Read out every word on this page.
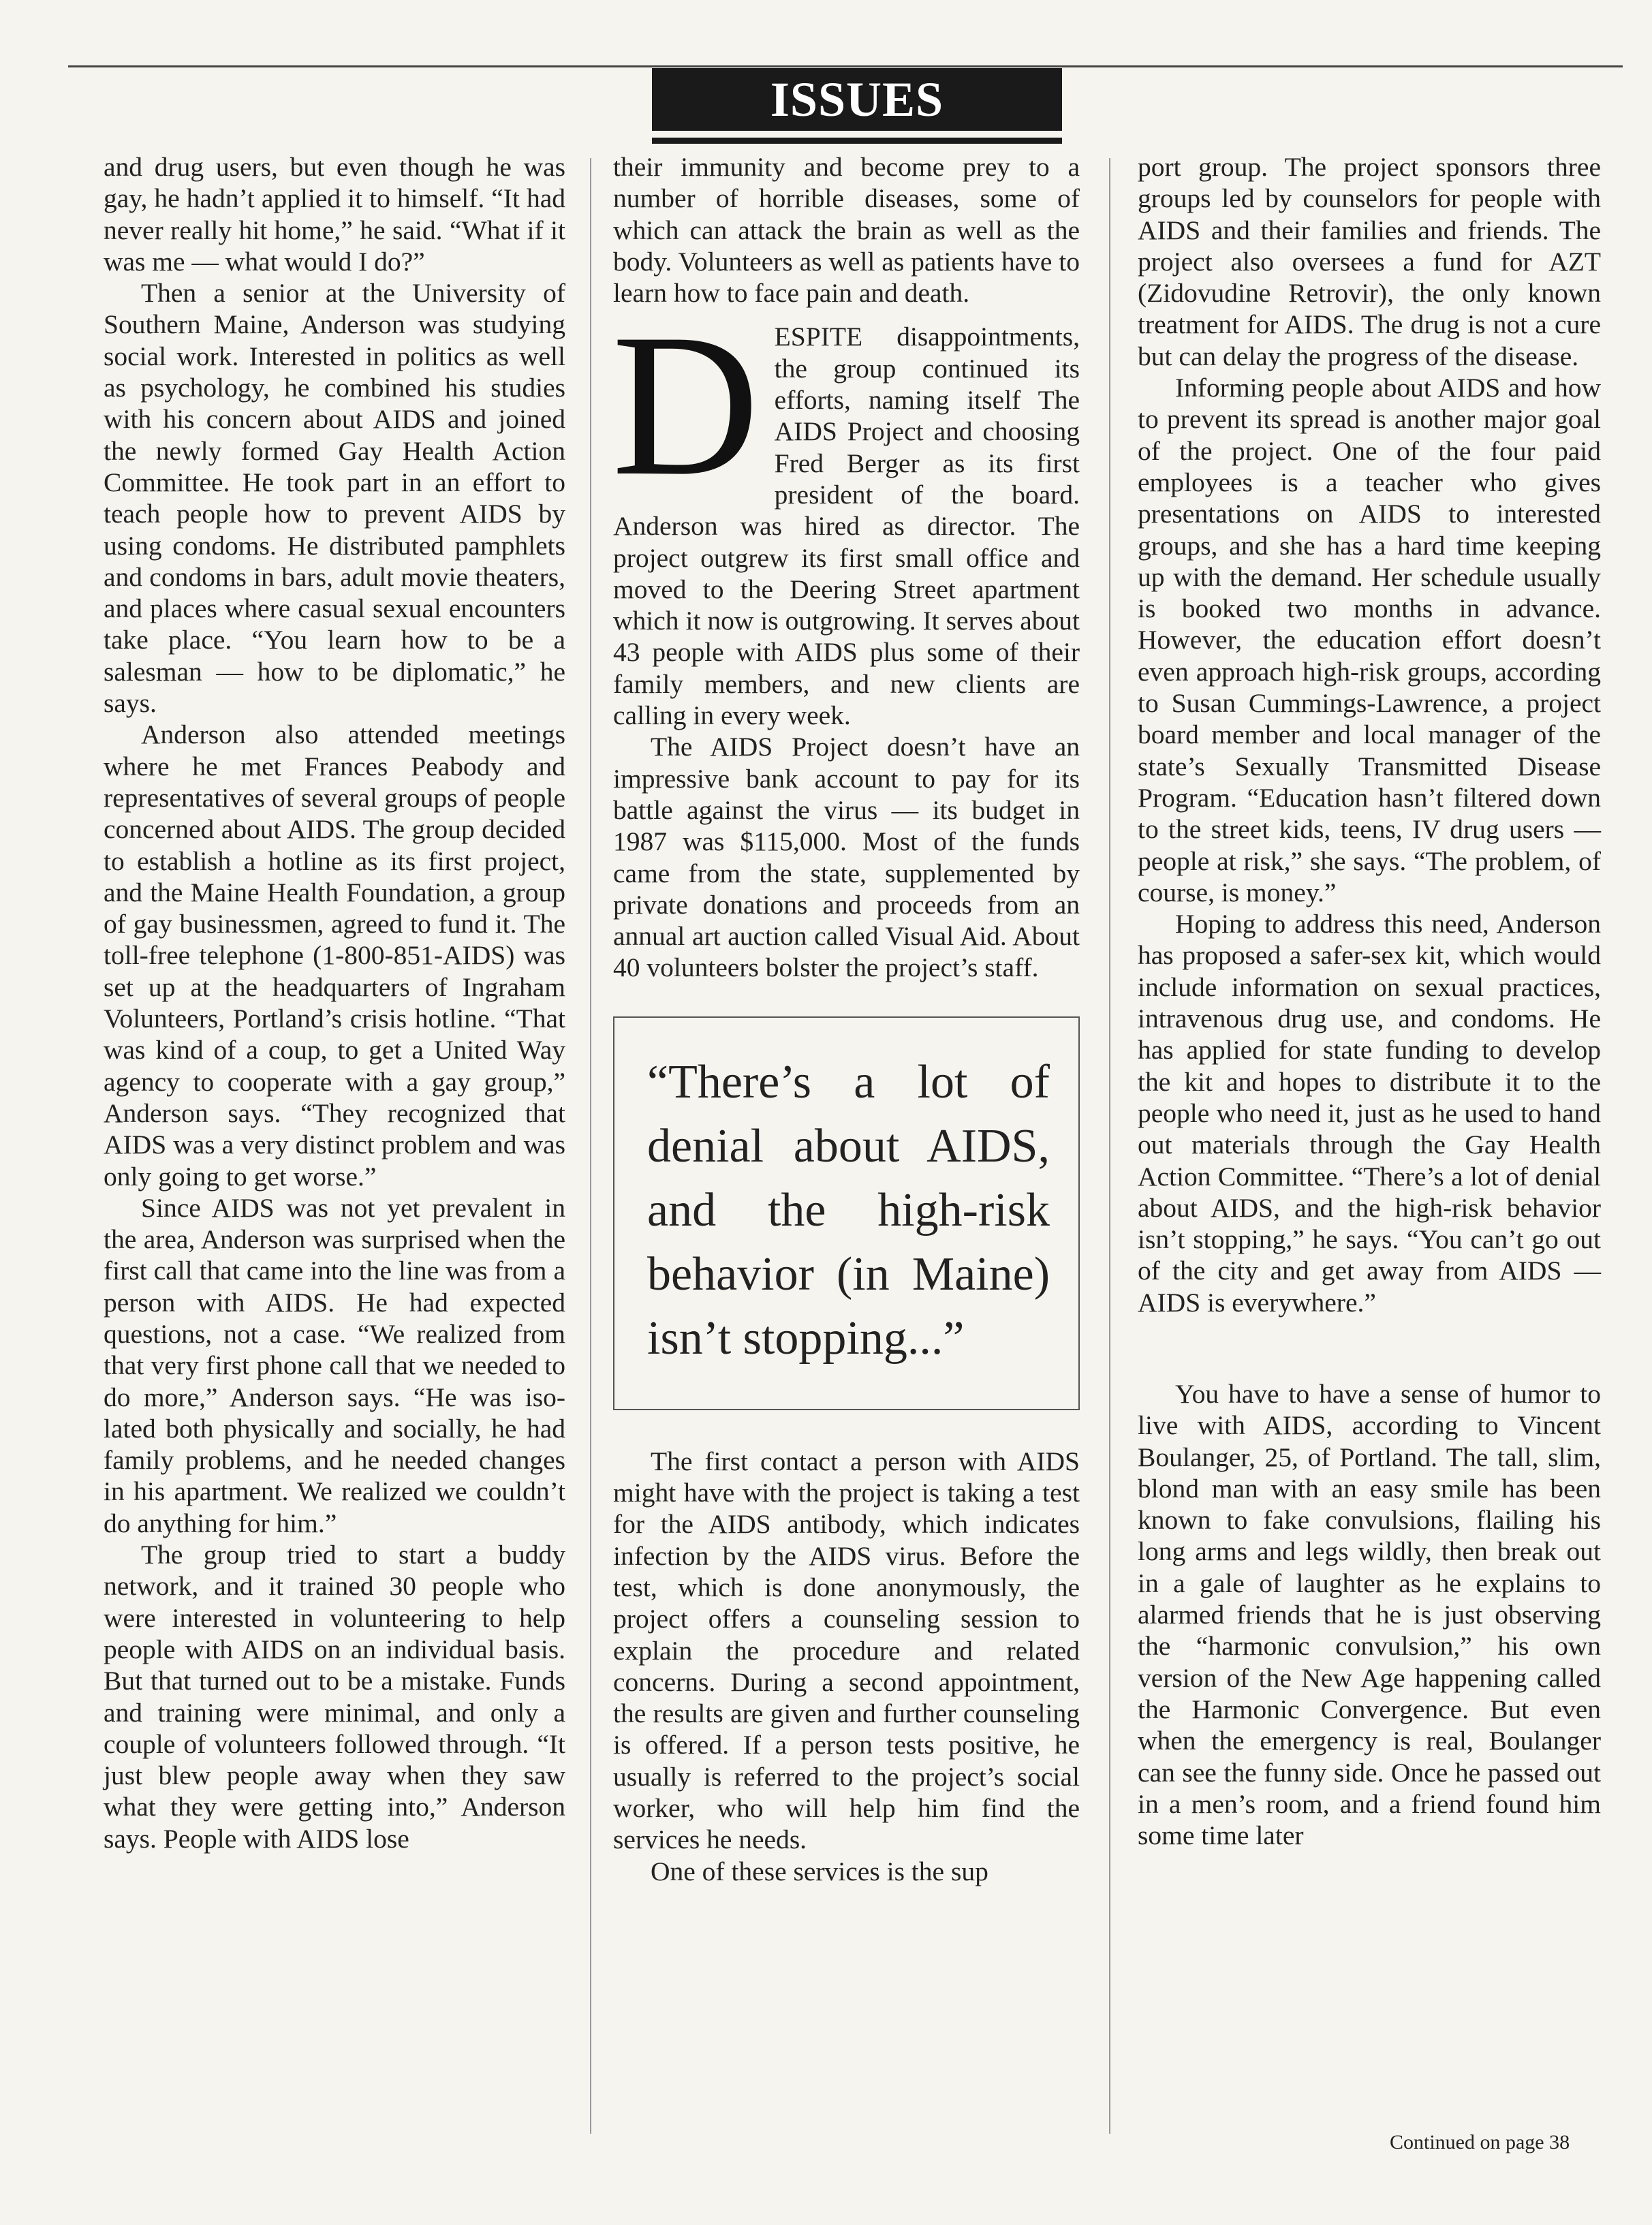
ISSUES

and drug users, but even though he was gay, he hadn’t applied it to himself. “It had never really hit home,” he said. “What if it was me — what would I do?”

Then a senior at the University of Southern Maine, Anderson was studying social work. Interested in politics as well as psychology, he combined his studies with his concern about AIDS and joined the newly formed Gay Health Action Committee. He took part in an effort to teach people how to prevent AIDS by using condoms. He distributed pamphlets and condoms in bars, adult movie theaters, and places where casual sexual encounters take place. “You learn how to be a salesman — how to be diplomatic,” he says.

Anderson also attended meetings where he met Frances Peabody and representatives of several groups of people concerned about AIDS. The group decided to establish a hotline as its first project, and the Maine Health Foundation, a group of gay businessmen, agreed to fund it. The toll-free telephone (1-800-851-AIDS) was set up at the headquarters of Ingraham Volunteers, Portland’s crisis hotline. “That was kind of a coup, to get a United Way agency to cooperate with a gay group,” Anderson says. “They recognized that AIDS was a very distinct problem and was only going to get worse.”

Since AIDS was not yet prevalent in the area, Anderson was surprised when the first call that came into the line was from a person with AIDS. He had expected questions, not a case. “We realized from that very first phone call that we needed to do more,” Anderson says. “He was isolated both physically and socially, he had family problems, and he needed changes in his apartment. We realized we couldn’t do anything for him.”

The group tried to start a buddy network, and it trained 30 people who were interested in volunteering to help people with AIDS on an individual basis. But that turned out to be a mistake. Funds and training were minimal, and only a couple of volunteers followed through. “It just blew people away when they saw what they were getting into,” Anderson says. People with AIDS lose

their immunity and become prey to a number of horrible diseases, some of which can attack the brain as well as the body. Volunteers as well as patients have to learn how to face pain and death.

DESPITE disappointments, the group continued its efforts, naming itself The AIDS Project and choosing Fred Berger as its first president of the board. Anderson was hired as director. The project outgrew its first small office and moved to the Deering Street apartment which it now is outgrowing. It serves about 43 people with AIDS plus some of their family members, and new clients are calling in every week.

The AIDS Project doesn’t have an impressive bank account to pay for its battle against the virus — its budget in 1987 was $115,000. Most of the funds came from the state, supplemented by private donations and proceeds from an annual art auction called Visual Aid. About 40 volunteers bolster the project’s staff.

“There’s a lot of denial about AIDS, and the high-risk behavior (in Maine) isn’t stopping...”

The first contact a person with AIDS might have with the project is taking a test for the AIDS antibody, which indicates infection by the AIDS virus. Before the test, which is done anonymously, the project offers a counseling session to explain the procedure and related concerns. During a second appointment, the results are given and further counseling is offered. If a person tests positive, he usually is referred to the project’s social worker, who will help him find the services he needs.

One of these services is the sup

port group. The project sponsors three groups led by counselors for people with AIDS and their families and friends. The project also oversees a fund for AZT (Zidovudine Retrovir), the only known treatment for AIDS. The drug is not a cure but can delay the progress of the disease.

Informing people about AIDS and how to prevent its spread is another major goal of the project. One of the four paid employees is a teacher who gives presentations on AIDS to interested groups, and she has a hard time keeping up with the demand. Her schedule usually is booked two months in advance. However, the education effort doesn’t even approach high-risk groups, according to Susan Cummings-Lawrence, a project board member and local manager of the state’s Sexually Transmitted Disease Program. “Education hasn’t filtered down to the street kids, teens, IV drug users — people at risk,” she says. “The problem, of course, is money.”

Hoping to address this need, Anderson has proposed a safer-sex kit, which would include information on sexual practices, intravenous drug use, and condoms. He has applied for state funding to develop the kit and hopes to distribute it to the people who need it, just as he used to hand out materials through the Gay Health Action Committee. “There’s a lot of denial about AIDS, and the high-risk behavior isn’t stopping,” he says. “You can’t go out of the city and get away from AIDS — AIDS is everywhere.”

You have to have a sense of humor to live with AIDS, according to Vincent Boulanger, 25, of Portland. The tall, slim, blond man with an easy smile has been known to fake convulsions, flailing his long arms and legs wildly, then break out in a gale of laughter as he explains to alarmed friends that he is just observing the “harmonic convulsion,” his own version of the New Age happening called the Harmonic Convergence. But even when the emergency is real, Boulanger can see the funny side. Once he passed out in a men’s room, and a friend found him some time later

Continued on page 38
